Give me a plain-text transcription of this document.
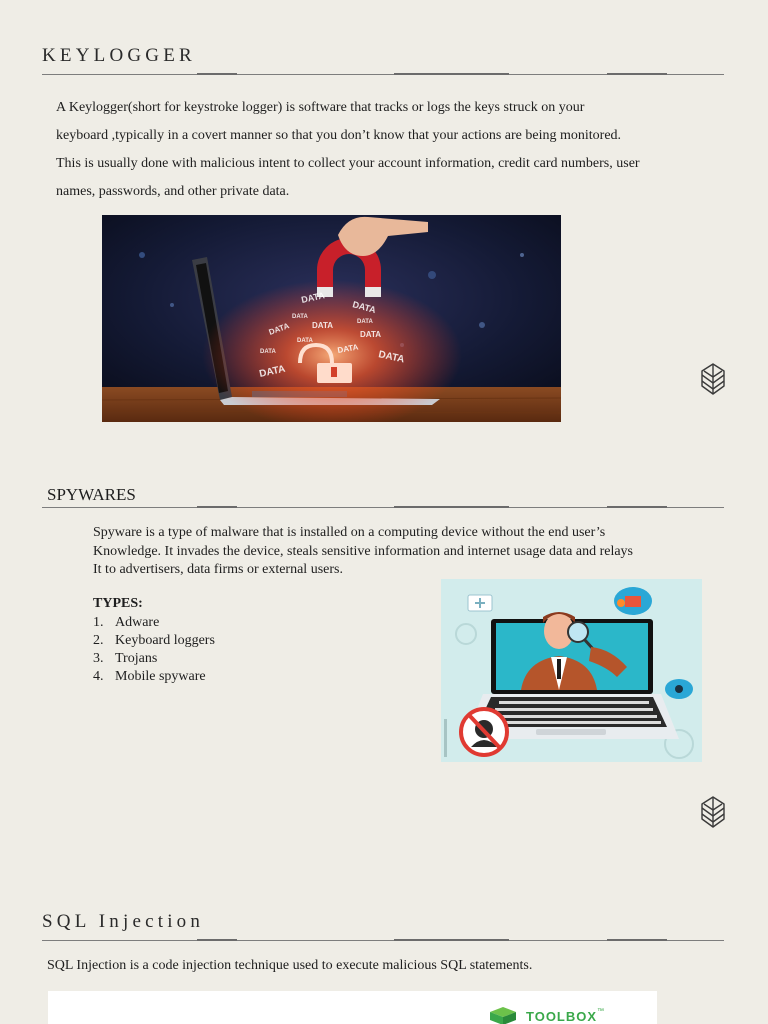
KEYLOGGER
A Keylogger(short for keystroke logger) is software that tracks or logs the keys struck on your
keyboard ,typically in a covert manner so that you don’t know that your actions are being monitored.
This is usually done with malicious intent to collect your account information, credit card numbers, user
names, passwords, and other private data.
DATA
DATA
DATA
DATA	DATA
DATA	DATA
DATA
DATA	DATA
DATA
DATA
SPYWARES
Spyware is a type of malware that is installed on a computing device without the end user’s
Knowledge. It invades the device, steals sensitive information and internet usage data and relays
It to advertisers, data firms or external users.
TYPES:
1. Adware
2. Keyboard loggers
3. Trojans
4. Mobile spyware
SQL Injection
SQL Injection is a code injection technique used to execute malicious SQL statements.
TOOLBOX ™
